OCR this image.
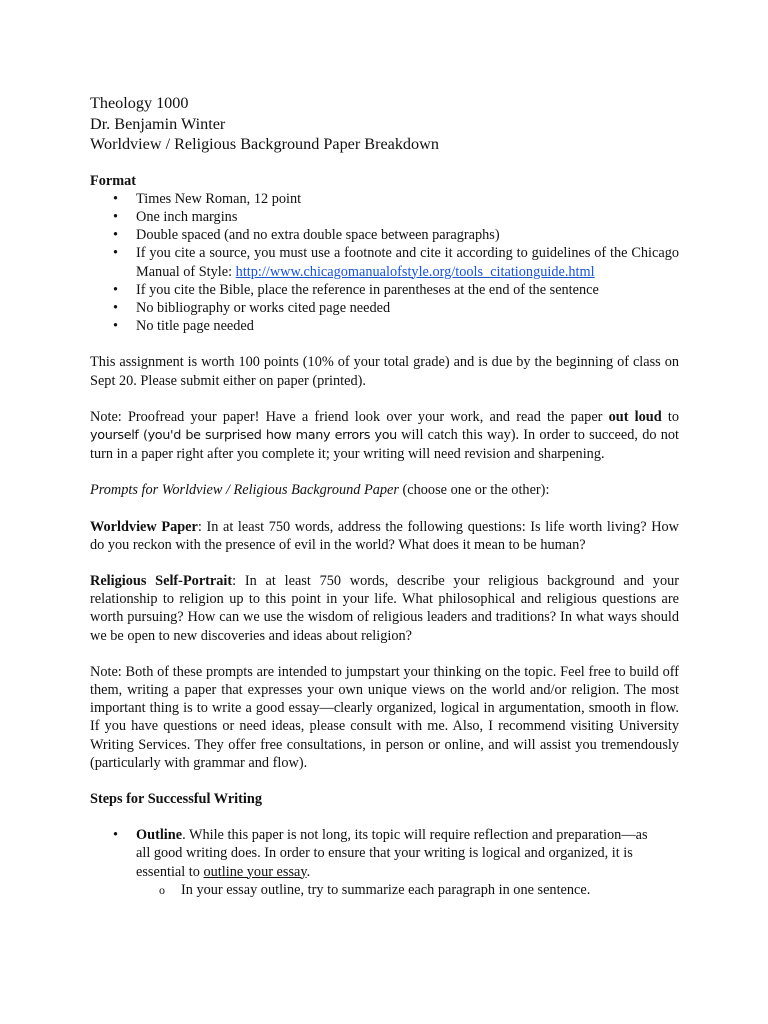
Theology 1000
Dr. Benjamin Winter
Worldview / Religious Background Paper Breakdown
Format
• Times New Roman, 12 point
• One inch margins
• Double spaced (and no extra double space between paragraphs)
• If you cite a source, you must use a footnote and cite it according to guidelines of the Chicago Manual of Style: http://www.chicagomanualofstyle.org/tools_citationguide.html
• If you cite the Bible, place the reference in parentheses at the end of the sentence
• No bibliography or works cited page needed
• No title page needed

This assignment is worth 100 points (10% of your total grade) and is due by the beginning of class on Sept 20. Please submit either on paper (printed).

Note: Proofread your paper! Have a friend look over your work, and read the paper out loud to yourself (you'd be surprised how many errors you will catch this way). In order to succeed, do not turn in a paper right after you complete it; your writing will need revision and sharpening.

Prompts for Worldview / Religious Background Paper (choose one or the other):

Worldview Paper: In at least 750 words, address the following questions: Is life worth living? How do you reckon with the presence of evil in the world? What does it mean to be human?

Religious Self-Portrait: In at least 750 words, describe your religious background and your relationship to religion up to this point in your life. What philosophical and religious questions are worth pursuing? How can we use the wisdom of religious leaders and traditions? In what ways should we be open to new discoveries and ideas about religion?

Note: Both of these prompts are intended to jumpstart your thinking on the topic. Feel free to build off them, writing a paper that expresses your own unique views on the world and/or religion. The most important thing is to write a good essay—clearly organized, logical in argumentation, smooth in flow. If you have questions or need ideas, please consult with me. Also, I recommend visiting University Writing Services. They offer free consultations, in person or online, and will assist you tremendously (particularly with grammar and flow).

Steps for Successful Writing
• Outline. While this paper is not long, its topic will require reflection and preparation—as all good writing does. In order to ensure that your writing is logical and organized, it is essential to outline your essay.
o In your essay outline, try to summarize each paragraph in one sentence.
